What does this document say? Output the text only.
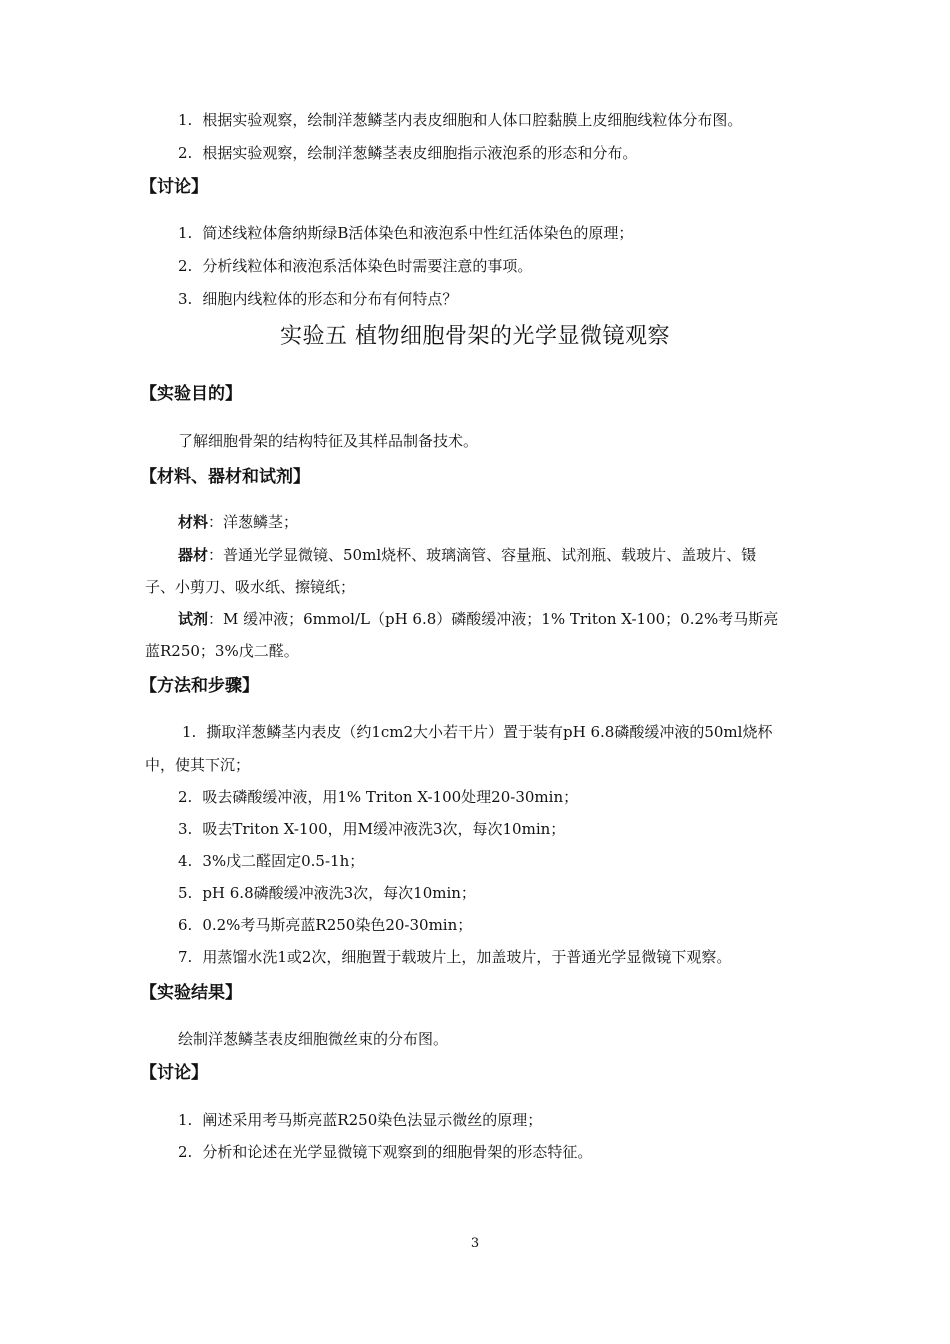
1. 根据实验观察，绘制洋葱鳞茎内表皮细胞和人体口腔黏膜上皮细胞线粒体分布图。
2. 根据实验观察，绘制洋葱鳞茎表皮细胞指示液泡系的形态和分布。
【讨论】
1. 简述线粒体詹纳斯绿B活体染色和液泡系中性红活体染色的原理；
2. 分析线粒体和液泡系活体染色时需要注意的事项。
3. 细胞内线粒体的形态和分布有何特点？
实验五 植物细胞骨架的光学显微镜观察
【实验目的】
了解细胞骨架的结构特征及其样品制备技术。
【材料、器材和试剂】
材料：洋葱鳞茎；
器材：普通光学显微镜、50ml烧杯、玻璃滴管、容量瓶、试剂瓶、载玻片、盖玻片、镊
子、小剪刀、吸水纸、擦镜纸；
试剂：M 缓冲液；6mmol/L（pH 6.8）磷酸缓冲液；1% Triton X-100；0.2%考马斯亮
蓝R250；3%戊二醛。
【方法和步骤】
1. 撕取洋葱鳞茎内表皮（约1cm2大小若干片）置于装有pH 6.8磷酸缓冲液的50ml烧杯
中，使其下沉；
2. 吸去磷酸缓冲液，用1% Triton X-100处理20-30min；
3. 吸去Triton X-100，用M缓冲液洗3次，每次10min；
4. 3%戊二醛固定0.5-1h；
5. pH 6.8磷酸缓冲液洗3次，每次10min；
6. 0.2%考马斯亮蓝R250染色20-30min；
7. 用蒸馏水洗1或2次，细胞置于载玻片上，加盖玻片，于普通光学显微镜下观察。
【实验结果】
绘制洋葱鳞茎表皮细胞微丝束的分布图。
【讨论】
1. 阐述采用考马斯亮蓝R250染色法显示微丝的原理；
2. 分析和论述在光学显微镜下观察到的细胞骨架的形态特征。
3
